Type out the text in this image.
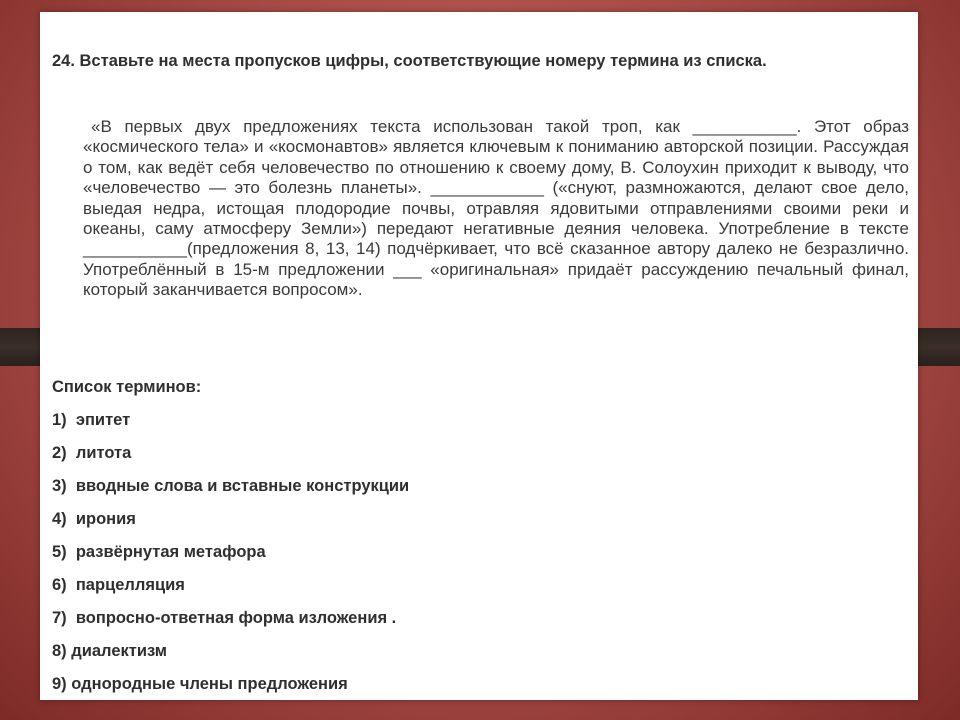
24. Вставьте на места пропусков цифры, соответствующие номеру термина из списка.

«В первых двух предложениях текста использован такой троп, как ___________. Этот образ «космического тела» и «космонавтов» является ключевым к пониманию авторской позиции. Рассуждая о том, как ведёт себя человечество по отношению к своему дому, В. Солоухин приходит к выводу, что «человечество — это болезнь планеты». ____________ («снуют, размножаются, делают свое дело, выедая недра, истощая плодородие почвы, отравляя ядовитыми отправлениями своими реки и океаны, саму атмосферу Земли») передают негативные деяния человека. Употребление в тексте ___________(предложения 8, 13, 14) подчёркивает, что всё сказанное автору далеко не безразлично. Употреблённый в 15-м предложении ___ «оригинальная» придаёт рассуждению печальный финал, который заканчивается вопросом».

Список терминов:
1) эпитет
2) литота
3) вводные слова и вставные конструкции
4) ирония
5) развёрнутая метафора
6) парцелляция
7) вопросно-ответная форма изложения .
8) диалектизм
9) однородные члены предложения
